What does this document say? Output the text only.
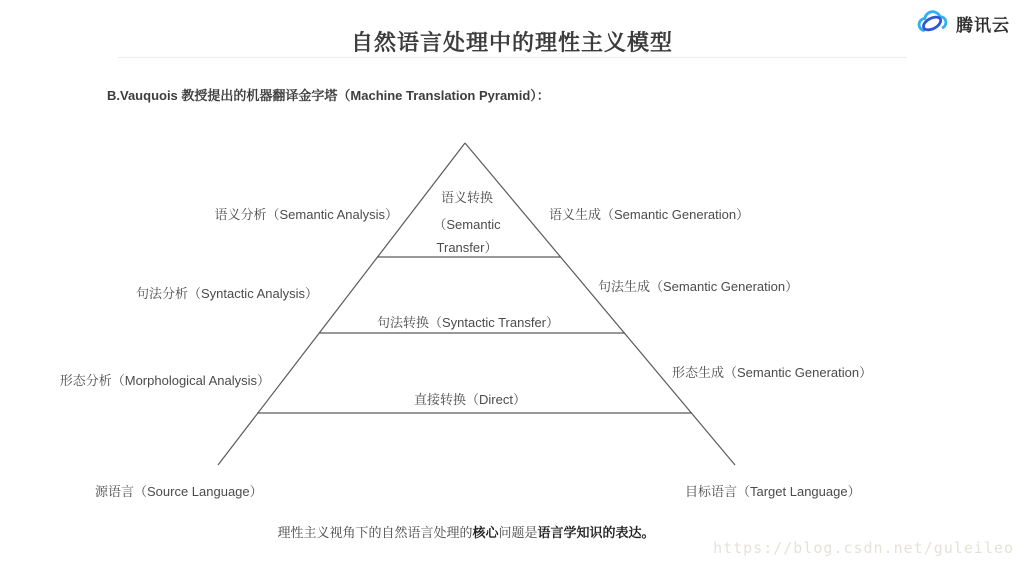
自然语言处理中的理性主义模型
腾讯云
B.Vauquois 教授提出的机器翻译金字塔（Machine Translation Pyramid）：
语义转换
（Semantic
Transfer）
语义分析（Semantic Analysis）
句法分析（Syntactic Analysis）
形态分析（Morphological Analysis）
语义生成（Semantic Generation）
句法生成（Semantic Generation）
形态生成（Semantic Generation）
句法转换（Syntactic Transfer）
直接转换（Direct）
源语言（Source Language）	目标语言（Target Language）
理性主义视角下的自然语言处理的核心问题是语言学知识的表达。
https://blog.csdn.net/guleileo
